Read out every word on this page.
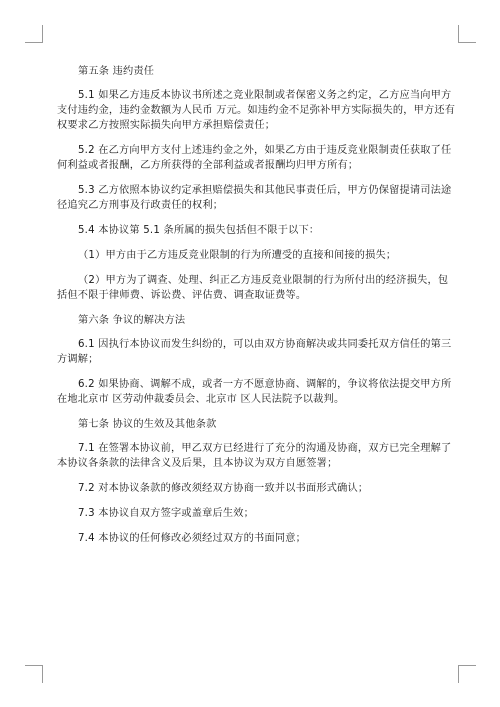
第五条 违约责任

5.1 如果乙方违反本协议书所述之竞业限制或者保密义务之约定，乙方应当向甲方支付违约金，违约金数额为人民币 万元。如违约金不足弥补甲方实际损失的，甲方还有权要求乙方按照实际损失向甲方承担赔偿责任；

5.2 在乙方向甲方支付上述违约金之外，如果乙方由于违反竞业限制责任获取了任何利益或者报酬，乙方所获得的全部利益或者报酬均归甲方所有；

5.3 乙方依照本协议约定承担赔偿损失和其他民事责任后，甲方仍保留提请司法途径追究乙方刑事及行政责任的权利；

5.4 本协议第 5.1 条所属的损失包括但不限于以下：

（1）甲方由于乙方违反竞业限制的行为所遭受的直接和间接的损失；

（2）甲方为了调查、处理、纠正乙方违反竞业限制的行为所付出的经济损失，包括但不限于律师费、诉讼费、评估费、调查取证费等。

第六条 争议的解决方法

6.1 因执行本协议而发生纠纷的，可以由双方协商解决或共同委托双方信任的第三方调解；

6.2 如果协商、调解不成，或者一方不愿意协商、调解的，争议将依法提交甲方所在地北京市 区劳动仲裁委员会、北京市 区人民法院予以裁判。

第七条 协议的生效及其他条款

7.1 在签署本协议前，甲乙双方已经进行了充分的沟通及协商，双方已完全理解了本协议各条款的法律含义及后果，且本协议为双方自愿签署；

7.2 对本协议条款的修改须经双方协商一致并以书面形式确认；

7.3 本协议自双方签字或盖章后生效；

7.4 本协议的任何修改必须经过双方的书面同意；
